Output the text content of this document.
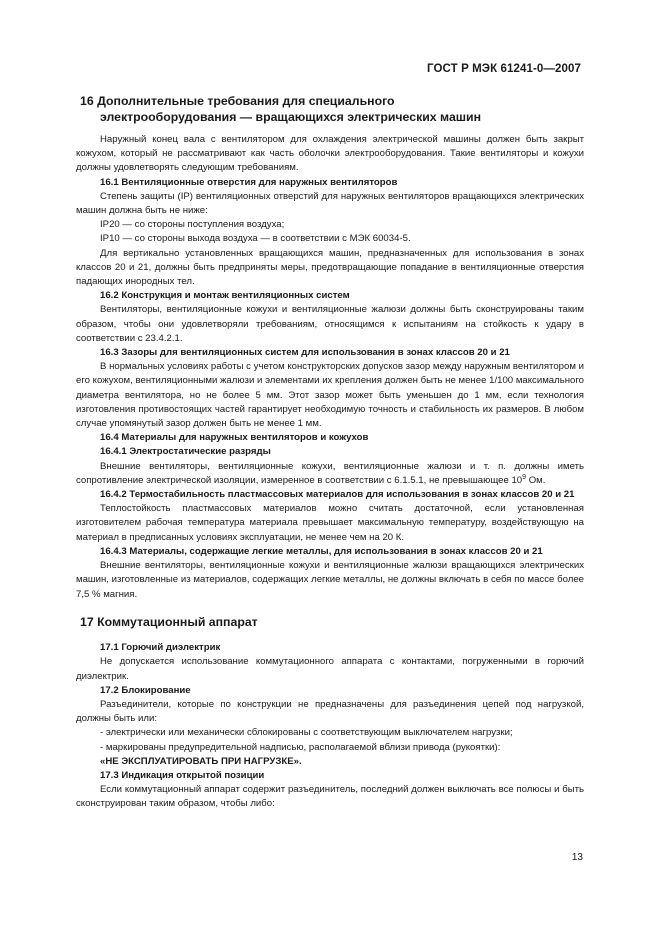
ГОСТ Р МЭК 61241-0—2007

16 Дополнительные требования для специального

электрооборудования — вращающихся электрических машин

Наружный конец вала с вентилятором для охлаждения электрической машины должен быть закрыт кожухом, который не рассматривают как часть оболочки электрооборудования. Такие вентиляторы и кожухи должны удовлетворять следующим требованиям.

16.1 Вентиляционные отверстия для наружных вентиляторов

Степень защиты (IP) вентиляционных отверстий для наружных вентиляторов вращающихся электрических машин должна быть не ниже:

IP20 — со стороны поступления воздуха;

IP10 — со стороны выхода воздуха — в соответствии с МЭК 60034-5.

Для вертикально установленных вращающихся машин, предназначенных для использования в зонах классов 20 и 21, должны быть предприняты меры, предотвращающие попадание в вентиляционные отверстия падающих инородных тел.

16.2 Конструкция и монтаж вентиляционных систем

Вентиляторы, вентиляционные кожухи и вентиляционные жалюзи должны быть сконструированы таким образом, чтобы они удовлетворяли требованиям, относящимся к испытаниям на стойкость к удару в соответствии с 23.4.2.1.

16.3 Зазоры для вентиляционных систем для использования в зонах классов 20 и 21

В нормальных условиях работы с учетом конструкторских допусков зазор между наружным вентилятором и его кожухом, вентиляционными жалюзи и элементами их крепления должен быть не менее 1/100 максимального диаметра вентилятора, но не более 5 мм. Этот зазор может быть уменьшен до 1 мм, если технология изготовления противостоящих частей гарантирует необходимую точность и стабильность их размеров. В любом случае упомянутый зазор должен быть не менее 1 мм.

16.4 Материалы для наружных вентиляторов и кожухов

16.4.1 Электростатические разряды

Внешние вентиляторы, вентиляционные кожухи, вентиляционные жалюзи и т. п. должны иметь сопротивление электрической изоляции, измеренное в соответствии с 6.1.5.1, не превышающее $10^9$ Ом.

16.4.2 Термостабильность пластмассовых материалов для использования в зонах классов 20 и 21

Теплостойкость пластмассовых материалов можно считать достаточной, если установленная изготовителем рабочая температура материала превышает максимальную температуру, воздействующую на материал в предписанных условиях эксплуатации, не менее чем на 20 К.

16.4.3 Материалы, содержащие легкие металлы, для использования в зонах классов 20 и 21

Внешние вентиляторы, вентиляционные кожухи и вентиляционные жалюзи вращающихся электрических машин, изготовленные из материалов, содержащих легкие металлы, не должны включать в себя по массе более 7,5 % магния.

17 Коммутационный аппарат

17.1 Горючий диэлектрик

Не допускается использование коммутационного аппарата с контактами, погруженными в горючий диэлектрик.

17.2 Блокирование

Разъединители, которые по конструкции не предназначены для разъединения цепей под нагрузкой, должны быть или:

- электрически или механически сблокированы с соответствующим выключателем нагрузки;

- маркированы предупредительной надписью, располагаемой вблизи привода (рукоятки):

«НЕ ЭКСПЛУАТИРОВАТЬ ПРИ НАГРУЗКЕ».

17.3 Индикация открытой позиции

Если коммутационный аппарат содержит разъединитель, последний должен выключать все полюсы и быть сконструирован таким образом, чтобы либо:

13
